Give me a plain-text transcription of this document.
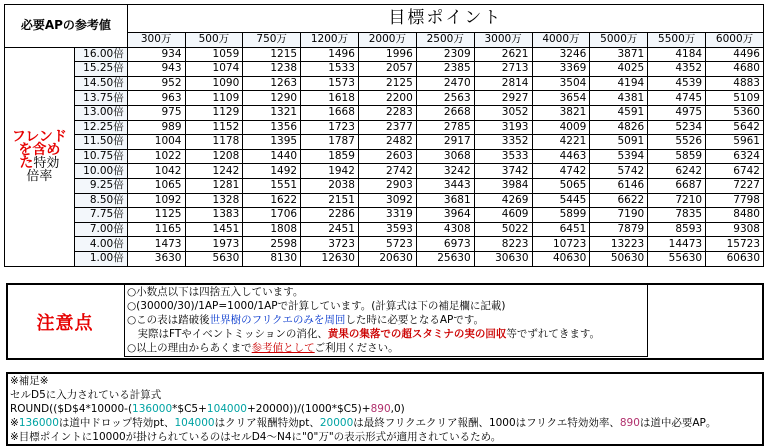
必要APの参考値		目標ポイント										
		300万	500万	750万	1200万	2000万	2500万	3000万	4000万	5000万	5500万	6000万
フレンド
を含め
た特効
倍率	16.00倍	934	1059	1215	1496	1996	2309	2621	3246	3871	4184	4496
	15.25倍	943	1074	1238	1533	2057	2385	2713	3369	4025	4352	4680
	14.50倍	952	1090	1263	1573	2125	2470	2814	3504	4194	4539	4883
	13.75倍	963	1109	1290	1618	2200	2563	2927	3654	4381	4745	5109
	13.00倍	975	1129	1321	1668	2283	2668	3052	3821	4591	4975	5360
	12.25倍	989	1152	1356	1723	2377	2785	3193	4009	4826	5234	5642
	11.50倍	1004	1178	1395	1787	2482	2917	3352	4221	5091	5526	5961
	10.75倍	1022	1208	1440	1859	2603	3068	3533	4463	5394	5859	6324
	10.00倍	1042	1242	1492	1942	2742	3242	3742	4742	5742	6242	6742
	9.25倍	1065	1281	1551	2038	2903	3443	3984	5065	6146	6687	7227
	8.50倍	1092	1328	1622	2151	3092	3681	4269	5445	6622	7210	7798
	7.75倍	1125	1383	1706	2286	3319	3964	4609	5899	7190	7835	8480
	7.00倍	1165	1451	1808	2451	3593	4308	5022	6451	7879	8593	9308
	4.00倍	1473	1973	2598	3723	5723	6973	8223	10723	13223	14473	15723
	1.00倍	3630	5630	8130	12630	20630	25630	30630	40630	50630	55630	60630
注意点
○小数点以下は四捨五入しています。
○(30000/30)/1AP=1000/1APで計算しています。(計算式は下の補足欄に記載)
○この表は踏破後世界樹のフリクエのみを周回した時に必要となるAPです。
　実際はFTやイベントミッションの消化、黄果の集落での超スタミナの実の回収等でずれてきます。
○以上の理由からあくまで参考値としてご利用ください。
※補足※
セルD5に入力されている計算式
ROUND(($D$4*10000-(136000*$C5+104000+20000))/(1000*$C5)+890,0)
※136000は道中ドロップ特効pt、104000はクリア報酬特効pt、20000は最終フリクエクリア報酬、1000はフリクエ特効効率、890は道中必要AP。
※目標ポイントに10000が掛けられているのはセルD4～N4に"0"万"の表示形式が適用されているため。
